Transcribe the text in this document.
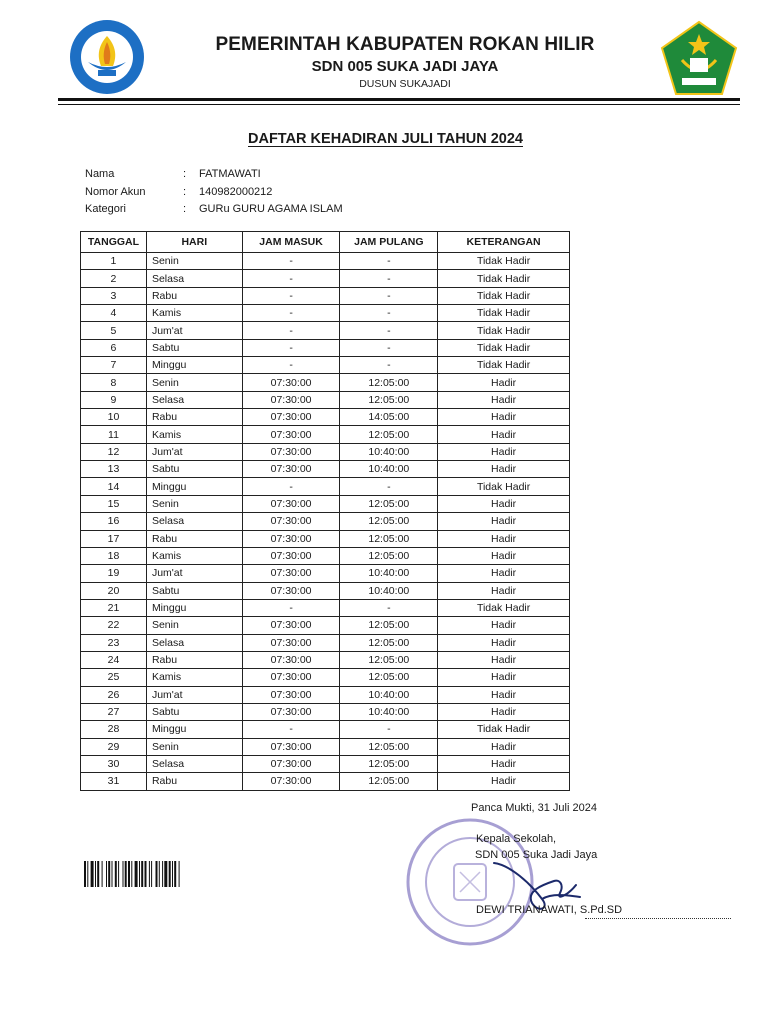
PEMERINTAH KABUPATEN ROKAN HILIR
SDN 005 SUKA JADI JAYA
DUSUN SUKAJADI
DAFTAR KEHADIRAN JULI TAHUN 2024
Nama	:	FATMAWATI
Nomor Akun	:	140982000212
Kategori	:	GURu GURU AGAMA ISLAM
TANGGAL	HARI	JAM MASUK	JAM PULANG	KETERANGAN
1	Senin	-	-	Tidak Hadir
2	Selasa	-	-	Tidak Hadir
3	Rabu	-	-	Tidak Hadir
4	Kamis	-	-	Tidak Hadir
5	Jum'at	-	-	Tidak Hadir
6	Sabtu	-	-	Tidak Hadir
7	Minggu	-	-	Tidak Hadir
8	Senin	07:30:00	12:05:00	Hadir
9	Selasa	07:30:00	12:05:00	Hadir
10	Rabu	07:30:00	14:05:00	Hadir
11	Kamis	07:30:00	12:05:00	Hadir
12	Jum'at	07:30:00	10:40:00	Hadir
13	Sabtu	07:30:00	10:40:00	Hadir
14	Minggu	-	-	Tidak Hadir
15	Senin	07:30:00	12:05:00	Hadir
16	Selasa	07:30:00	12:05:00	Hadir
17	Rabu	07:30:00	12:05:00	Hadir
18	Kamis	07:30:00	12:05:00	Hadir
19	Jum'at	07:30:00	10:40:00	Hadir
20	Sabtu	07:30:00	10:40:00	Hadir
21	Minggu	-	-	Tidak Hadir
22	Senin	07:30:00	12:05:00	Hadir
23	Selasa	07:30:00	12:05:00	Hadir
24	Rabu	07:30:00	12:05:00	Hadir
25	Kamis	07:30:00	12:05:00	Hadir
26	Jum'at	07:30:00	10:40:00	Hadir
27	Sabtu	07:30:00	10:40:00	Hadir
28	Minggu	-	-	Tidak Hadir
29	Senin	07:30:00	12:05:00	Hadir
30	Selasa	07:30:00	12:05:00	Hadir
31	Rabu	07:30:00	12:05:00	Hadir
Panca Mukti, 31 Juli 2024
Kepala Sekolah,
SDN 005 Suka Jadi Jaya
DEWI TRIANAWATI, S.Pd.SD
